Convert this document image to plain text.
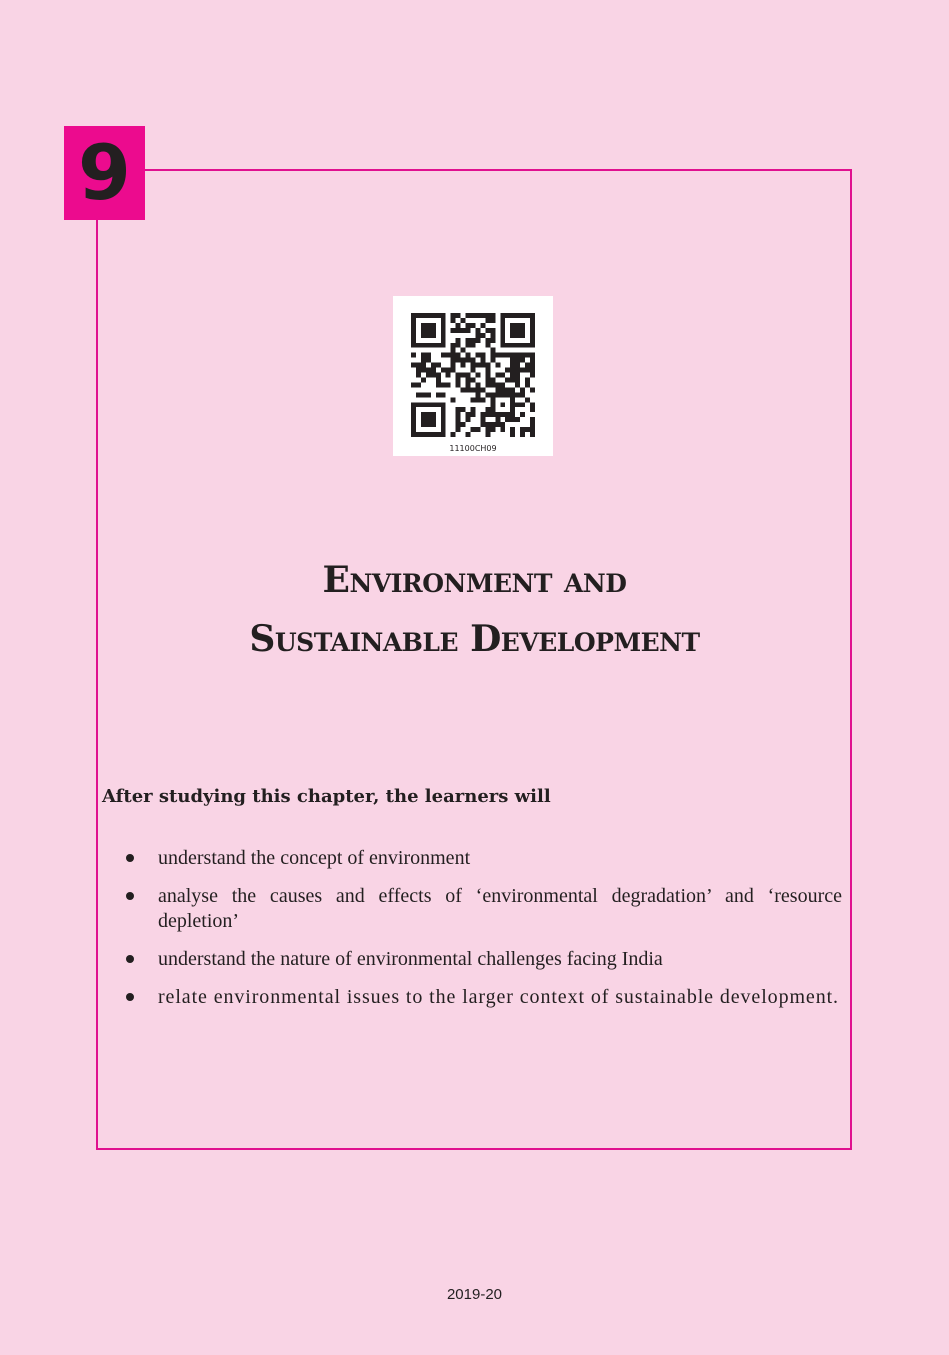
9
11100CH09
Environment and
Sustainable Development

After studying this chapter, the learners will

understand the concept of environment
analyse the causes and effects of ‘environmental degradation’ and ‘resource depletion’
understand the nature of environmental challenges facing India
relate environmental issues to the larger context of sustainable development.
2019-20
